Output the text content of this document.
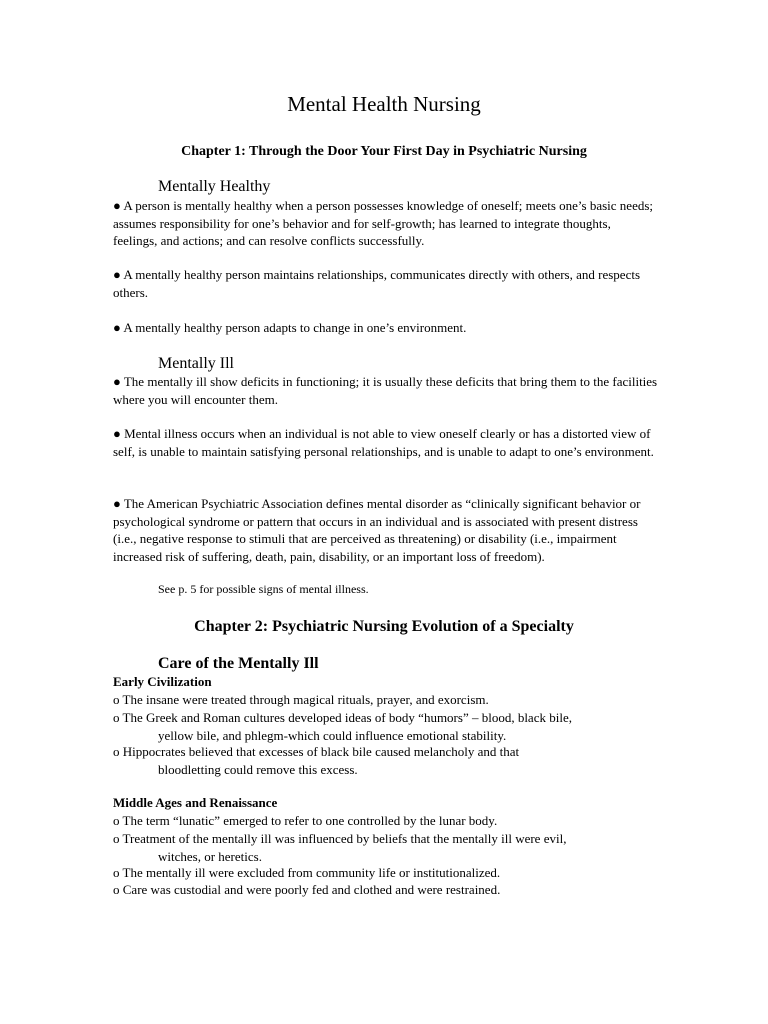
Mental Health Nursing
Chapter 1: Through the Door Your First Day in Psychiatric Nursing
Mentally Healthy
● A person is mentally healthy when a person possesses knowledge of oneself; meets one’s basic needs; assumes responsibility for one’s behavior and for self-growth; has learned to integrate thoughts, feelings, and actions; and can resolve conflicts successfully.
● A mentally healthy person maintains relationships, communicates directly with others, and respects others.
● A mentally healthy person adapts to change in one’s environment.
Mentally Ill
● The mentally ill show deficits in functioning; it is usually these deficits that bring them to the facilities where you will encounter them.
● Mental illness occurs when an individual is not able to view oneself clearly or has a distorted view of self, is unable to maintain satisfying personal relationships, and is unable to adapt to one’s environment.
● The American Psychiatric Association defines mental disorder as “clinically significant behavior or psychological syndrome or pattern that occurs in an individual and is associated with present distress (i.e., negative response to stimuli that are perceived as threatening) or disability (i.e., impairment increased risk of suffering, death, pain, disability, or an important loss of freedom).
See p. 5 for possible signs of mental illness.
Chapter 2: Psychiatric Nursing Evolution of a Specialty
Care of the Mentally Ill
Early Civilization
o The insane were treated through magical rituals, prayer, and exorcism.
o The Greek and Roman cultures developed ideas of body “humors” – blood, black bile,
yellow bile, and phlegm-which could influence emotional stability.
o Hippocrates believed that excesses of black bile caused melancholy and that
bloodletting could remove this excess.
Middle Ages and Renaissance
o The term “lunatic” emerged to refer to one controlled by the lunar body.
o Treatment of the mentally ill was influenced by beliefs that the mentally ill were evil,
witches, or heretics.
o The mentally ill were excluded from community life or institutionalized.
o Care was custodial and were poorly fed and clothed and were restrained.
